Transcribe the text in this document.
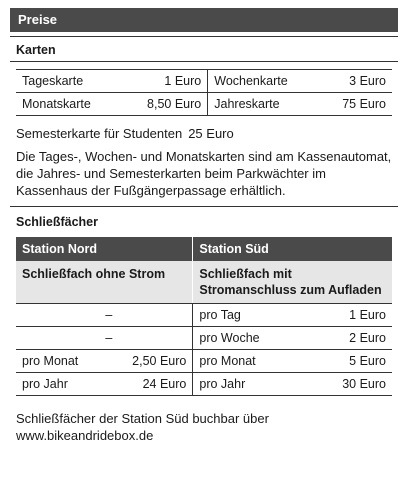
Preise
Karten
Tageskarte	1 Euro	Wochenkarte	3 Euro
Monatskarte	8,50 Euro	Jahreskarte	75 Euro

Semesterkarte für Studenten 25 Euro

Die Tages-, Wochen- und Monatskarten sind am Kassenautomat, die Jahres- und Semesterkarten beim Parkwächter im Kassenhaus der Fußgängerpassage erhältlich.

Schließfächer
Station Nord		Station Süd	
Schließfach ohne Strom		Schließfach mit Stromanschluss zum Aufladen	
	–	pro Tag	1 Euro
	–	pro Woche	2 Euro
pro Monat	2,50 Euro	pro Monat	5 Euro
pro Jahr	24 Euro	pro Jahr	30 Euro

Schließfächer der Station Süd buchbar über www.bikeandridebox.de
